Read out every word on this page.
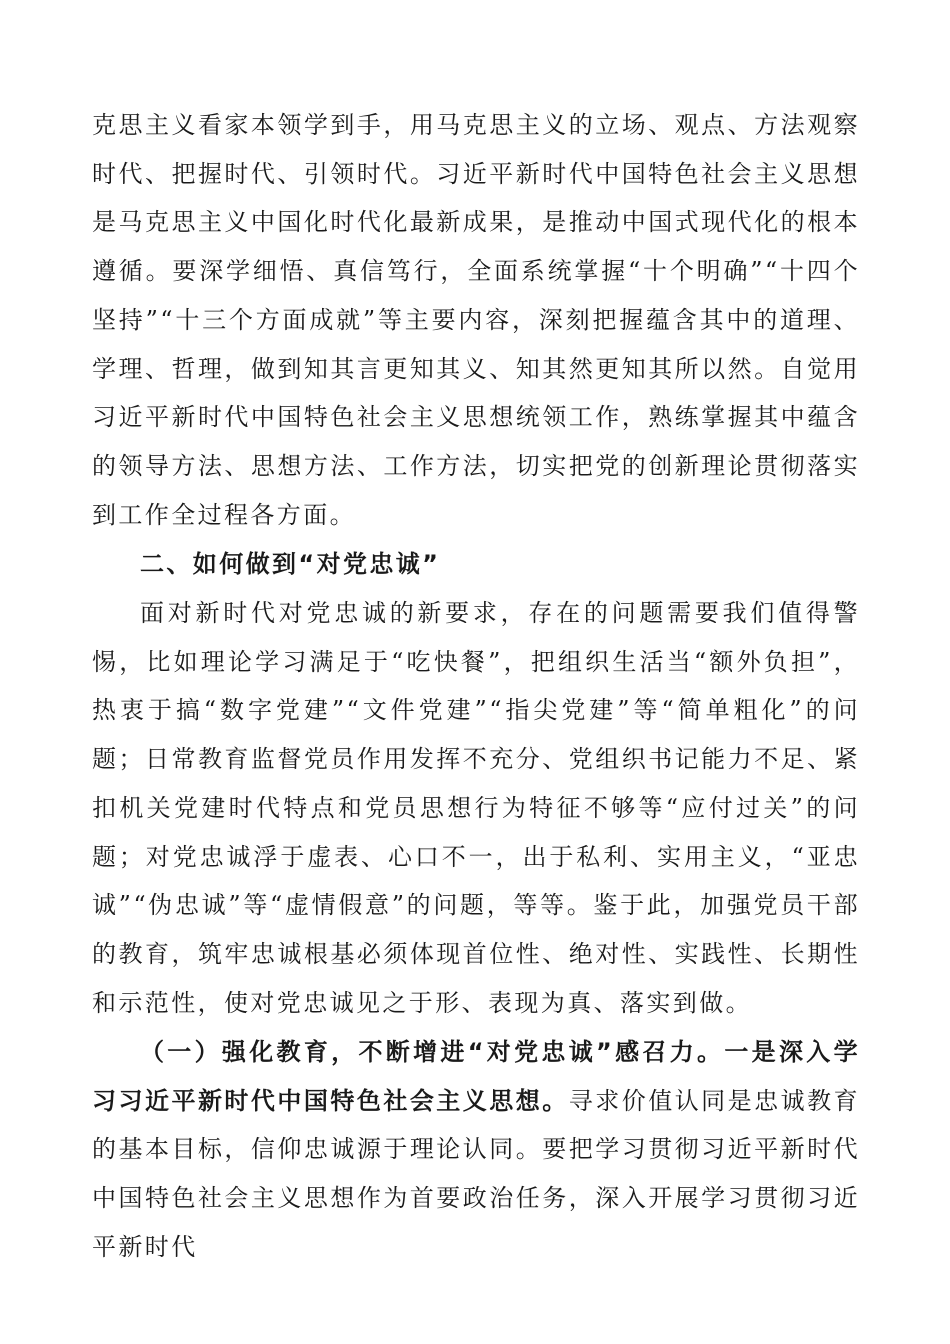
克思主义看家本领学到手，用马克思主义的立场、观点、方法观察时代、把握时代、引领时代。习近平新时代中国特色社会主义思想是马克思主义中国化时代化最新成果，是推动中国式现代化的根本遵循。要深学细悟、真信笃行，全面系统掌握“十个明确”“十四个坚持”“十三个方面成就”等主要内容，深刻把握蕴含其中的道理、学理、哲理，做到知其言更知其义、知其然更知其所以然。自觉用习近平新时代中国特色社会主义思想统领工作，熟练掌握其中蕴含的领导方法、思想方法、工作方法，切实把党的创新理论贯彻落实到工作全过程各方面。

二、如何做到“对党忠诚”

面对新时代对党忠诚的新要求，存在的问题需要我们值得警惕，比如理论学习满足于“吃快餐”，把组织生活当“额外负担”，热衷于搞“数字党建”“文件党建”“指尖党建”等“简单粗化”的问题；日常教育监督党员作用发挥不充分、党组织书记能力不足、紧扣机关党建时代特点和党员思想行为特征不够等“应付过关”的问题；对党忠诚浮于虚表、心口不一，出于私利、实用主义，“亚忠诚”“伪忠诚”等“虚情假意”的问题，等等。鉴于此，加强党员干部的教育，筑牢忠诚根基必须体现首位性、绝对性、实践性、长期性和示范性，使对党忠诚见之于形、表现为真、落实到做。

（一）强化教育，不断增进“对党忠诚”感召力。一是深入学习习近平新时代中国特色社会主义思想。寻求价值认同是忠诚教育的基本目标，信仰忠诚源于理论认同。要把学习贯彻习近平新时代中国特色社会主义思想作为首要政治任务，深入开展学习贯彻习近平新时代
